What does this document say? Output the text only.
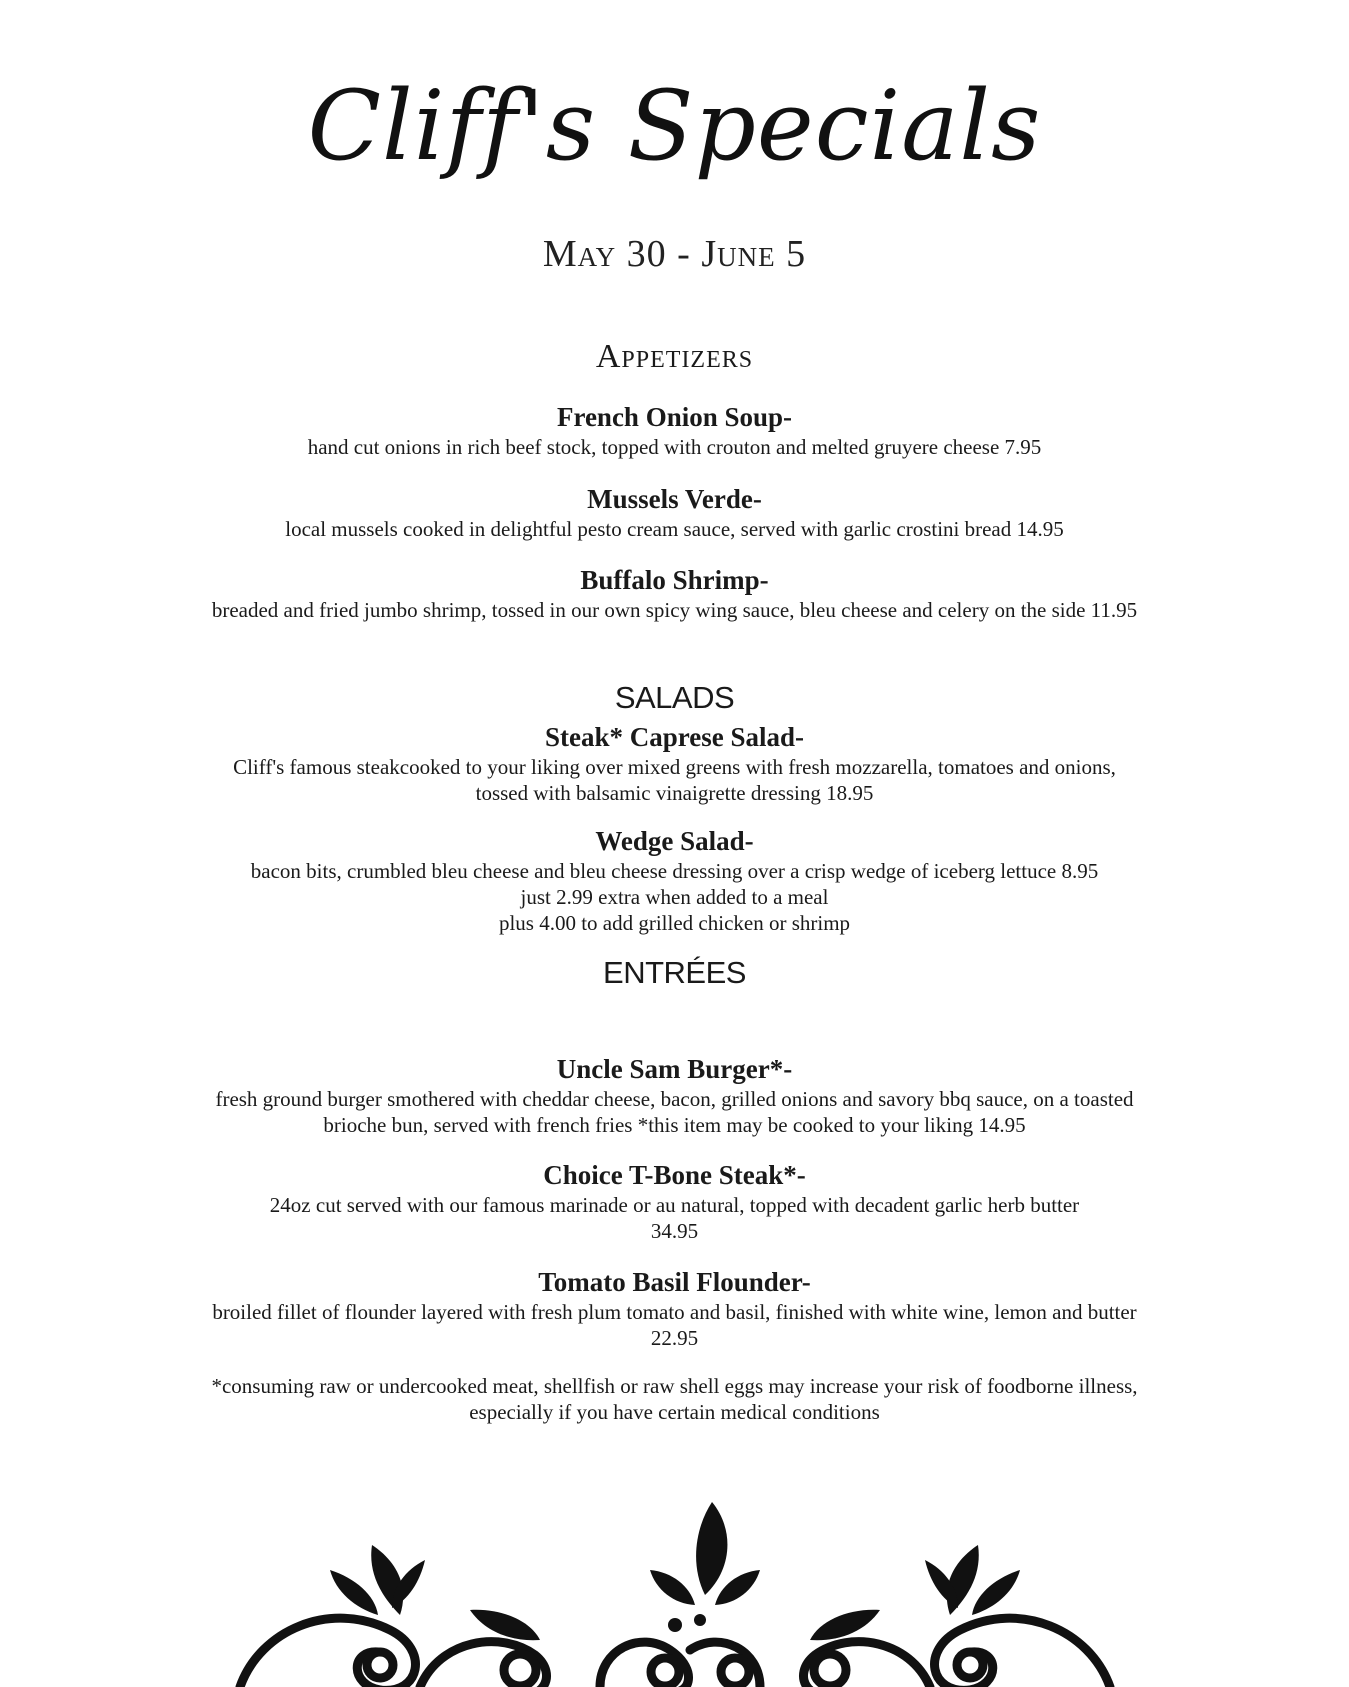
Cliff's Specials
May 30 - June 5
Appetizers
French Onion Soup-
hand cut onions in rich beef stock, topped with crouton and melted gruyere cheese 7.95
Mussels Verde-
local mussels cooked in delightful pesto cream sauce, served with garlic crostini bread 14.95
Buffalo Shrimp-
breaded and fried jumbo shrimp, tossed in our own spicy wing sauce, bleu cheese and celery on the side 11.95
SALADS
Steak* Caprese Salad-
Cliff's famous steakcooked to your liking over mixed greens with fresh mozzarella, tomatoes and onions, tossed with balsamic vinaigrette dressing 18.95
Wedge Salad-
bacon bits, crumbled bleu cheese and bleu cheese dressing over a crisp wedge of iceberg lettuce 8.95
just 2.99 extra when added to a meal
plus 4.00 to add grilled chicken or shrimp
ENTRÉES
Uncle Sam Burger*-
fresh ground burger smothered with cheddar cheese, bacon, grilled onions and savory bbq sauce, on a toasted brioche bun, served with french fries *this item may be cooked to your liking 14.95
Choice T-Bone Steak*-
24oz cut served with our famous marinade or au natural, topped with decadent garlic herb butter 34.95
Tomato Basil Flounder-
broiled fillet of flounder layered with fresh plum tomato and basil, finished with white wine, lemon and butter 22.95
*consuming raw or undercooked meat, shellfish or raw shell eggs may increase your risk of foodborne illness, especially if you have certain medical conditions
